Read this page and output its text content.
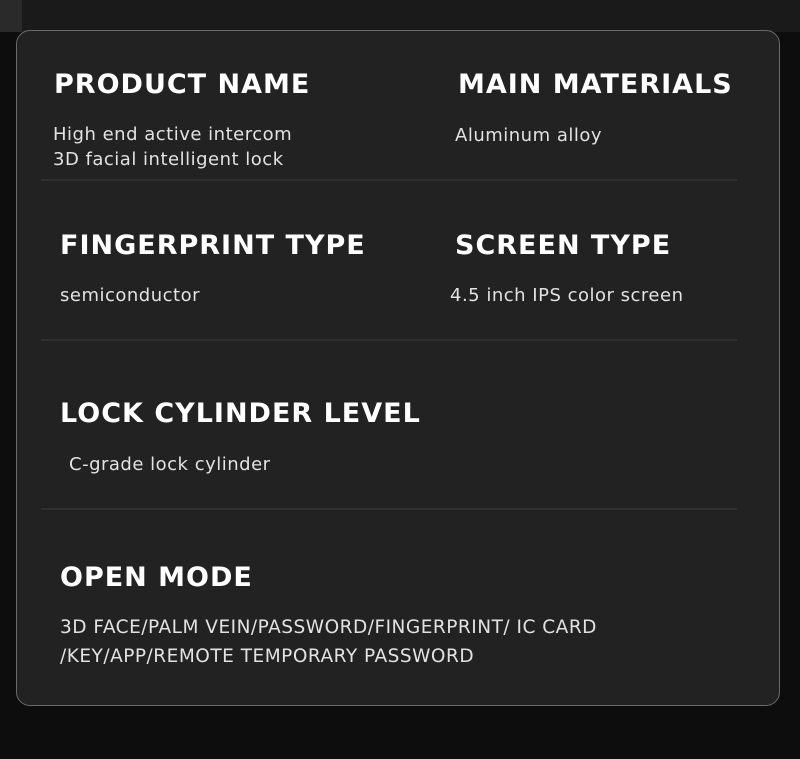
PRODUCT NAME
High end active intercom
3D facial intelligent lock
MAIN MATERIALS
Aluminum alloy
FINGERPRINT TYPE
semiconductor
SCREEN TYPE
4.5 inch IPS color screen
LOCK CYLINDER LEVEL
C-grade lock cylinder
OPEN MODE
3D FACE/PALM VEIN/PASSWORD/FINGERPRINT/ IC CARD
/KEY/APP/REMOTE TEMPORARY PASSWORD
